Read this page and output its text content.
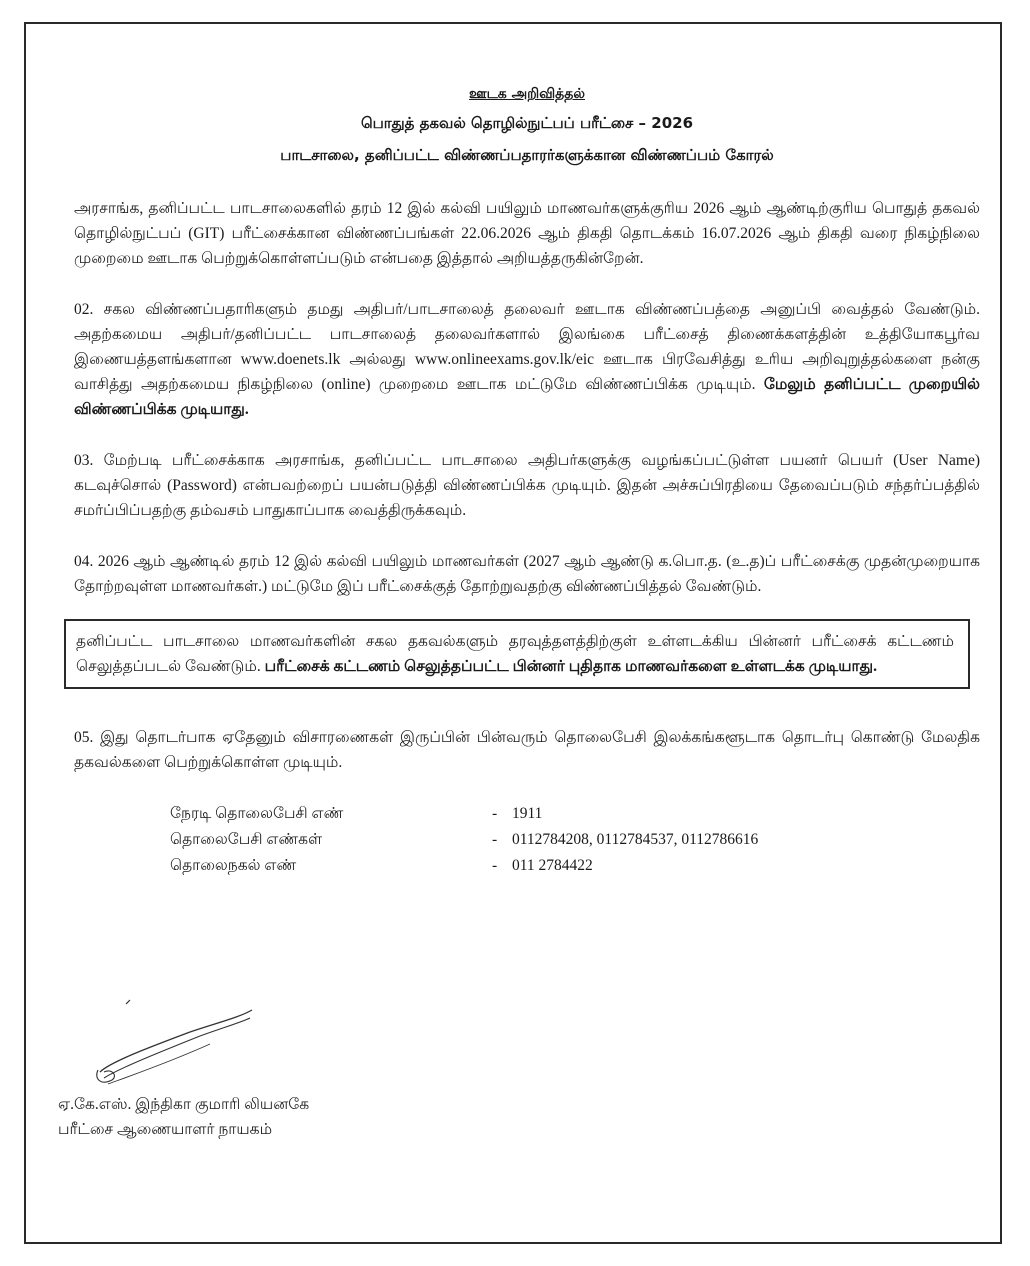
ஊடக அறிவித்தல்
பொதுத் தகவல் தொழில்நுட்பப் பரீட்சை – 2026
பாடசாலை, தனிப்பட்ட விண்ணப்பதாரர்களுக்கான விண்ணப்பம் கோரல்

அரசாங்க, தனிப்பட்ட பாடசாலைகளில் தரம் 12 இல் கல்வி பயிலும் மாணவர்களுக்குரிய 2026 ஆம் ஆண்டிற்குரிய பொதுத் தகவல் தொழில்நுட்பப் (GIT) பரீட்சைக்கான விண்ணப்பங்கள் 22.06.2026 ஆம் திகதி தொடக்கம் 16.07.2026 ஆம் திகதி வரை நிகழ்நிலை முறைமை ஊடாக பெற்றுக்கொள்ளப்படும் என்பதை இத்தால் அறியத்தருகின்றேன்.

02. சகல விண்ணப்பதாரிகளும் தமது அதிபர்/பாடசாலைத் தலைவர் ஊடாக விண்ணப்பத்தை அனுப்பி வைத்தல் வேண்டும். அதற்கமைய அதிபர்/தனிப்பட்ட பாடசாலைத் தலைவர்களால் இலங்கை பரீட்சைத் திணைக்களத்தின் உத்தியோகபூர்வ இணையத்தளங்களான www.doenets.lk அல்லது www.onlineexams.gov.lk/eic ஊடாக பிரவேசித்து உரிய அறிவுறுத்தல்களை நன்கு வாசித்து அதற்கமைய நிகழ்நிலை (online) முறைமை ஊடாக மட்டுமே விண்ணப்பிக்க முடியும். மேலும் தனிப்பட்ட முறையில் விண்ணப்பிக்க முடியாது.

03. மேற்படி பரீட்சைக்காக அரசாங்க, தனிப்பட்ட பாடசாலை அதிபர்களுக்கு வழங்கப்பட்டுள்ள பயனர் பெயர் (User Name) கடவுச்சொல் (Password) என்பவற்றைப் பயன்படுத்தி விண்ணப்பிக்க முடியும். இதன் அச்சுப்பிரதியை தேவைப்படும் சந்தர்ப்பத்தில் சமர்ப்பிப்பதற்கு தம்வசம் பாதுகாப்பாக வைத்திருக்கவும்.

04. 2026 ஆம் ஆண்டில் தரம் 12 இல் கல்வி பயிலும் மாணவர்கள் (2027 ஆம் ஆண்டு க.பொ.த. (உ.த)ப் பரீட்சைக்கு முதன்முறையாக தோற்றவுள்ள மாணவர்கள்.) மட்டுமே இப் பரீட்சைக்குத் தோற்றுவதற்கு விண்ணப்பித்தல் வேண்டும்.

தனிப்பட்ட பாடசாலை மாணவர்களின் சகல தகவல்களும் தரவுத்தளத்திற்குள் உள்ளடக்கிய பின்னர் பரீட்சைக் கட்டணம் செலுத்தப்படல் வேண்டும். பரீட்சைக் கட்டணம் செலுத்தப்பட்ட பின்னர் புதிதாக மாணவர்களை உள்ளடக்க முடியாது.

05. இது தொடர்பாக ஏதேனும் விசாரணைகள் இருப்பின் பின்வரும் தொலைபேசி இலக்கங்களூடாக தொடர்பு கொண்டு மேலதிக தகவல்களை பெற்றுக்கொள்ள முடியும்.

நேரடி தொலைபேசி எண்	- 1911
தொலைபேசி எண்கள்	- 0112784208, 0112784537, 0112786616
தொலைநகல் எண்	- 011 2784422
ஏ.கே.எஸ். இந்திகா குமாரி லியனகே
பரீட்சை ஆணையாளர் நாயகம்
